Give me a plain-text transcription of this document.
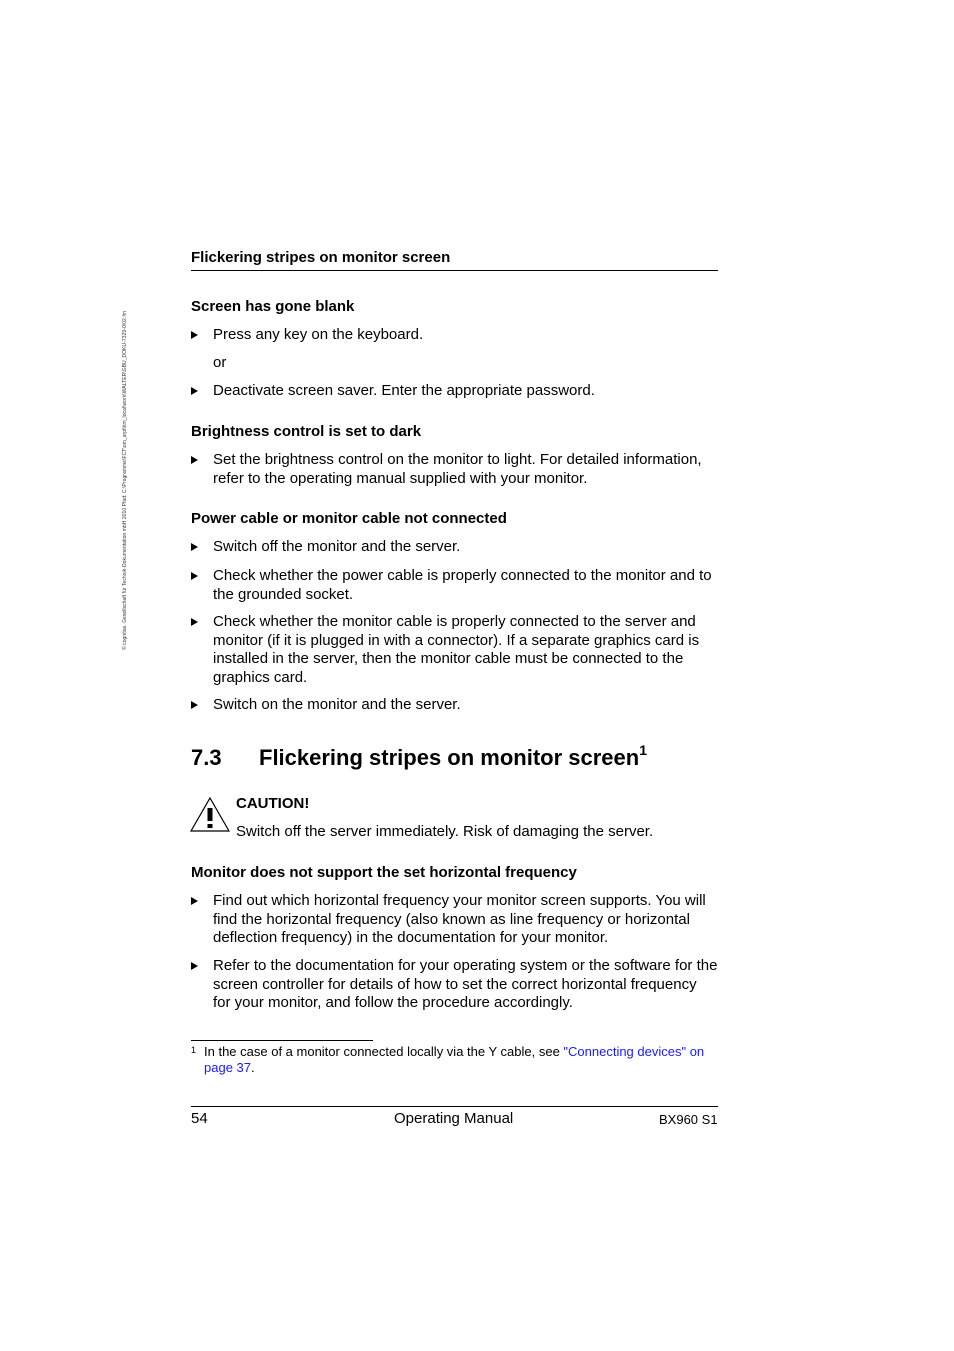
© cognitas. Gesellschaft für Technik-Dokumentation mbH 2010 Pfad: C:\Programme\FCT\om_arpt\km_local\work\WALTER\GBU_DOKU-7329-0\02.fm
Flickering stripes on monitor screen
Screen has gone blank
Press any key on the keyboard.
or
Deactivate screen saver. Enter the appropriate password.
Brightness control is set to dark
Set the brightness control on the monitor to light. For detailed information, refer to the operating manual supplied with your monitor.
Power cable or monitor cable not connected
Switch off the monitor and the server.
Check whether the power cable is properly connected to the monitor and to the grounded socket.
Check whether the monitor cable is properly connected to the server and monitor (if it is plugged in with a connector). If a separate graphics card is installed in the server, then the monitor cable must be connected to the graphics card.
Switch on the monitor and the server.
7.3 Flickering stripes on monitor screen$^1$
CAUTION!
Switch off the server immediately. Risk of damaging the server.
Monitor does not support the set horizontal frequency
Find out which horizontal frequency your monitor screen supports. You will find the horizontal frequency (also known as line frequency or horizontal deflection frequency) in the documentation for your monitor.
Refer to the documentation for your operating system or the software for the screen controller for details of how to set the correct horizontal frequency for your monitor, and follow the procedure accordingly.
1 In the case of a monitor connected locally via the Y cable, see "Connecting devices" on page 37.
54	Operating Manual	BX960 S1
